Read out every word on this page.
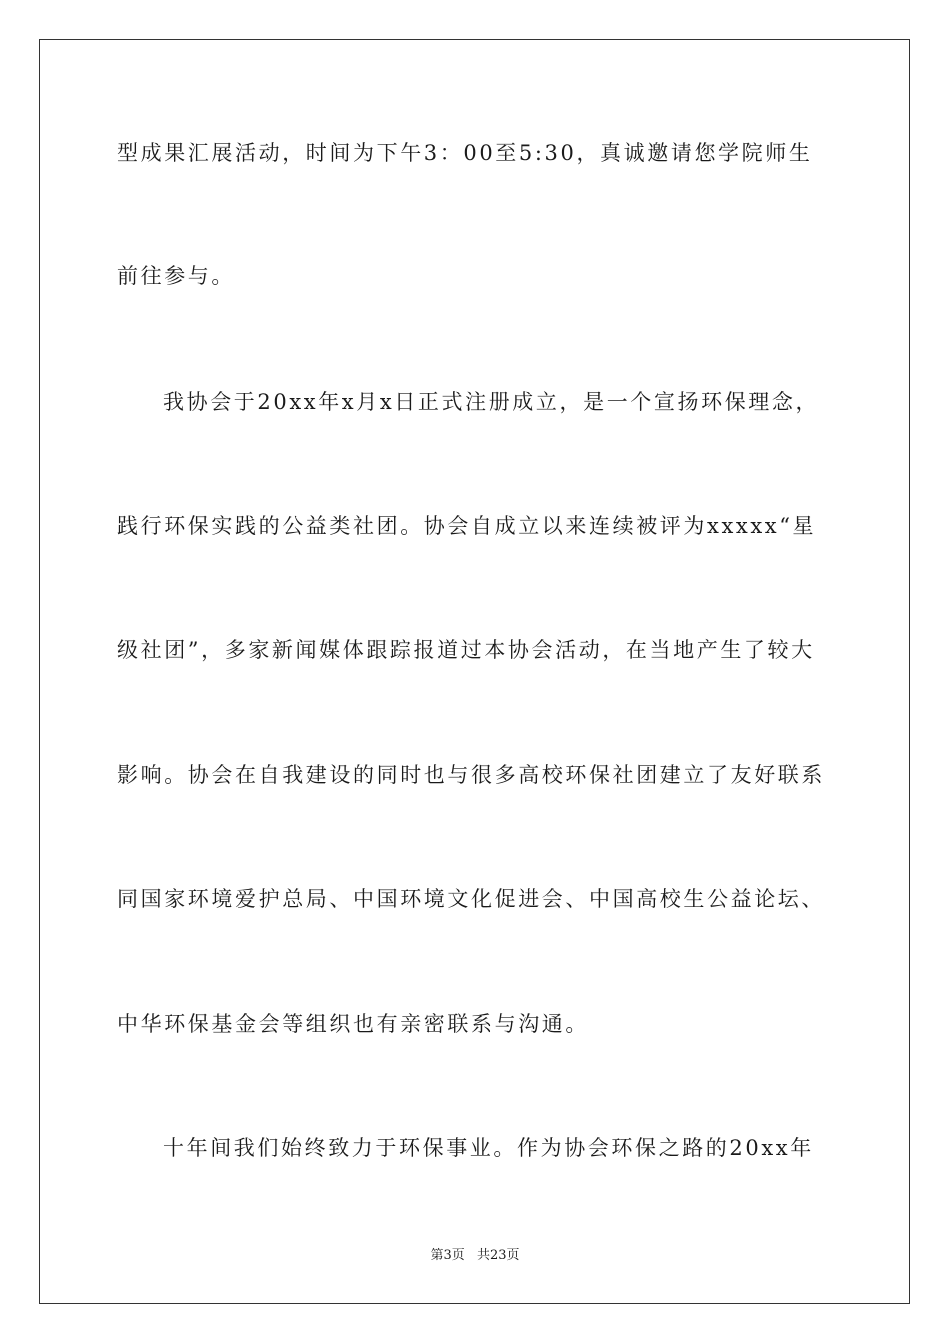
型成果汇展活动，时间为下午3：00至5:30，真诚邀请您学院师生
前往参与。
我协会于20xx年x月x日正式注册成立，是一个宣扬环保理念，
践行环保实践的公益类社团。协会自成立以来连续被评为xxxxx“星
级社团”，多家新闻媒体跟踪报道过本协会活动，在当地产生了较大
影响。协会在自我建设的同时也与很多高校环保社团建立了友好联系
同国家环境爱护总局、中国环境文化促进会、中国高校生公益论坛、
中华环保基金会等组织也有亲密联系与沟通。
十年间我们始终致力于环保事业。作为协会环保之路的20xx年
第3页 共23页
